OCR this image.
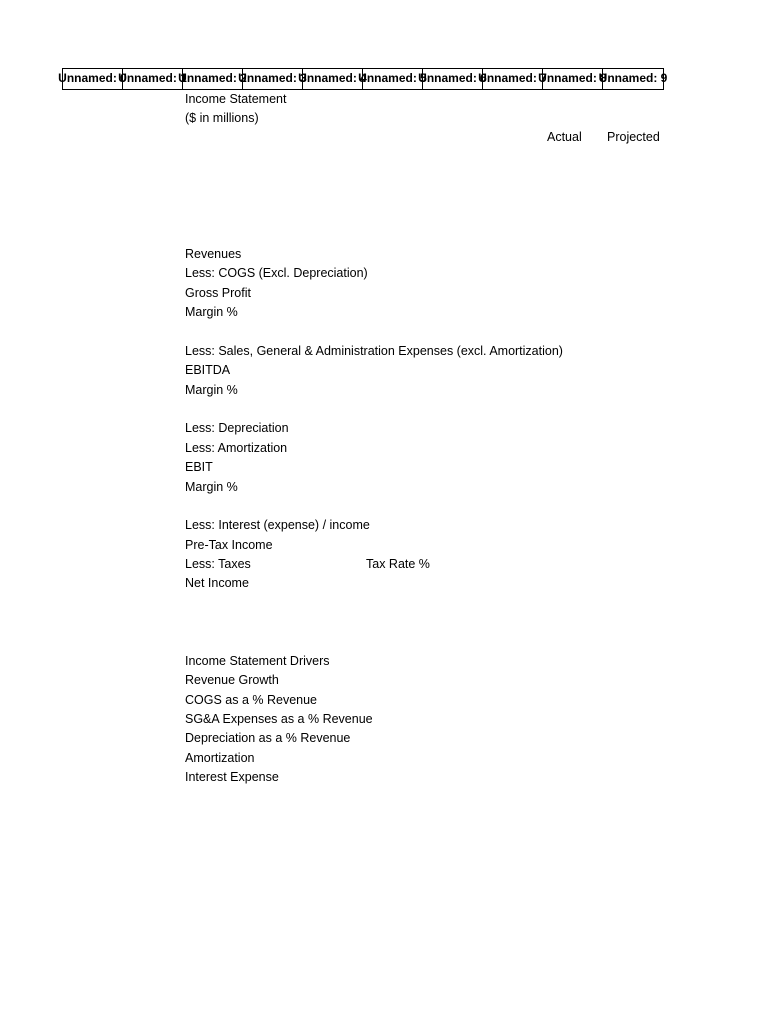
Unnamed: 0
Unnamed: 1
Unnamed: 2
Unnamed: 3
Unnamed: 4
Unnamed: 5
Unnamed: 6
Unnamed: 7
Unnamed: 8
Unnamed: 9
Income Statement
($ in millions)
Actual Projected
Revenues
Less: COGS (Excl. Depreciation)
Gross Profit
Margin %
Less: Sales, General & Administration Expenses (excl. Amortization)
EBITDA
Margin %
Less: Depreciation
Less: Amortization
EBIT
Margin %
Less: Interest (expense) / income
Pre-Tax Income
Less: Taxes	Tax Rate %
Net Income
Income Statement Drivers
Revenue Growth
COGS as a % Revenue
SG&A Expenses as a % Revenue
Depreciation as a % Revenue
Amortization
Interest Expense
